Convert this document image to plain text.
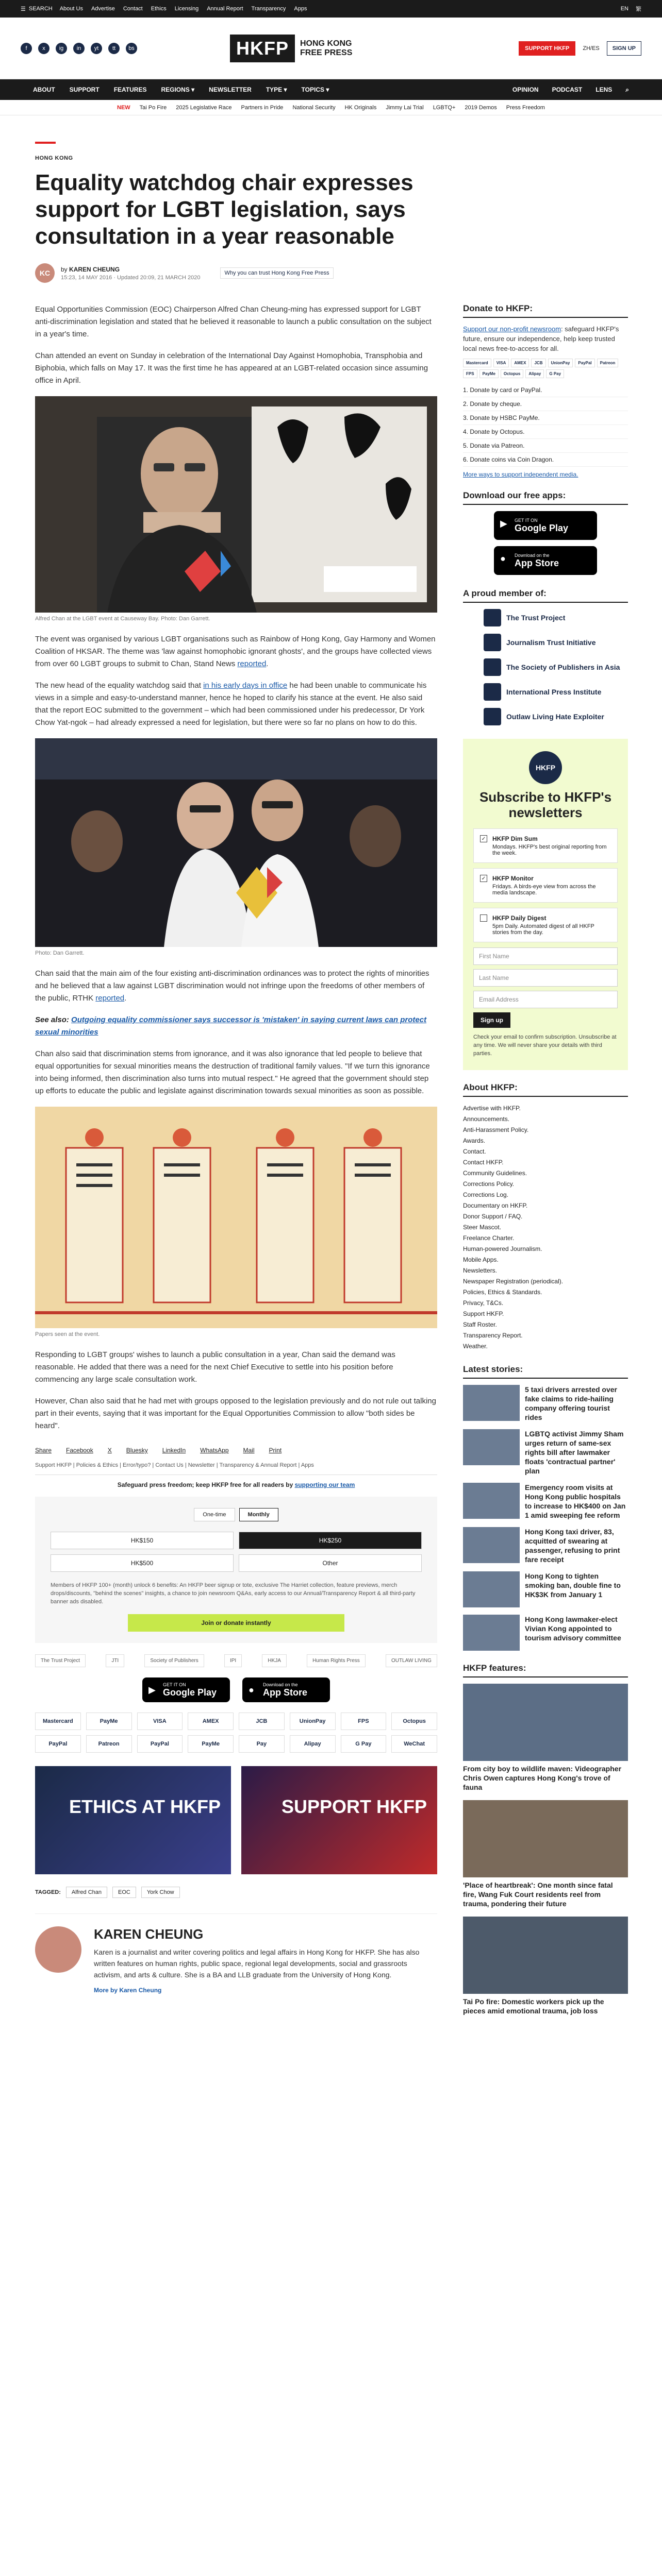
☰ SEARCH About Us Advertise Contact Ethics Licensing Annual Report Transparency Apps	EN 繁
f	x	ig	in	yt	tt	bs	HKFP	HONG KONG
FREE PRESS	SUPPORT HKFP	ZH/ES	SIGN UP
ABOUT SUPPORT FEATURES REGIONS ▾ NEWSLETTER TYPE ▾ TOPICS ▾	OPINION PODCAST LENS ⌕
NEW Tai Po Fire 2025 Legislative Race Partners in Pride National Security HK Originals Jimmy Lai Trial LGBTQ+ 2019 Demos Press Freedom
HONG KONG
Equality watchdog chair expresses support for LGBT legislation, says consultation in a year reasonable
KC	by KAREN CHEUNG
15:23, 14 MAY 2016 · Updated 20:09, 21 MARCH 2020
Why you can trust Hong Kong Free Press

Equal Opportunities Commission (EOC) Chairperson Alfred Chan Cheung-ming has expressed support for LGBT anti-discrimination legislation and stated that he believed it reasonable to launch a public consultation on the subject in a year's time.

Chan attended an event on Sunday in celebration of the International Day Against Homophobia, Transphobia and Biphobia, which falls on May 17. It was the first time he has appeared at an LGBT-related occasion since assuming office in April.

Alfred Chan at the LGBT event at Causeway Bay. Photo: Dan Garrett.

The event was organised by various LGBT organisations such as Rainbow of Hong Kong, Gay Harmony and Women Coalition of HKSAR. The theme was 'law against homophobic ignorant ghosts', and the groups have collected views from over 60 LGBT groups to submit to Chan, Stand News reported.

The new head of the equality watchdog said that in his early days in office he had been unable to communicate his views in a simple and easy-to-understand manner, hence he hoped to clarify his stance at the event. He also said that the report EOC submitted to the government – which had been commissioned under his predecessor, Dr York Chow Yat-ngok – had already expressed a need for legislation, but there were so far no plans on how to do this.

Photo: Dan Garrett.

Chan said that the main aim of the four existing anti-discrimination ordinances was to protect the rights of minorities and he believed that a law against LGBT discrimination would not infringe upon the freedoms of other members of the public, RTHK reported.

See also: Outgoing equality commissioner says successor is 'mistaken' in saying current laws can protect sexual minorities

Chan also said that discrimination stems from ignorance, and it was also ignorance that led people to believe that equal opportunities for sexual minorities means the destruction of traditional family values. "If we turn this ignorance into being informed, then discrimination also turns into mutual respect." He agreed that the government should step up efforts to educate the public and legislate against discrimination towards sexual minorities as soon as possible.

Papers seen at the event.

Responding to LGBT groups' wishes to launch a public consultation in a year, Chan said the demand was reasonable. He added that there was a need for the next Chief Executive to settle into his position before commencing any large scale consultation work.

However, Chan also said that he had met with groups opposed to the legislation previously and do not rule out talking part in their events, saying that it was important for the Equal Opportunities Commission to allow "both sides be heard".

Share Facebook X Bluesky LinkedIn WhatsApp Mail Print
Support HKFP | Policies & Ethics | Error/typo? | Contact Us | Newsletter | Transparency & Annual Report | Apps
Safeguard press freedom; keep HKFP free for all readers by supporting our team
One-time	Monthly
HK$150	HK$250
HK$500	Other
Members of HKFP 100+ (month) unlock 6 benefits: An HKFP beer signup or tote, exclusive The Harriet collection, feature previews, merch drops/discounts, "behind the scenes" insights, a chance to join newsroom Q&As, early access to our Annual/Transparency Report & all third-party banner ads disabled.
Join or donate instantly
The Trust Project	JTI	Society of Publishers	IPI	HKJA	Human Rights Press	OUTLAW LIVING
▶
GET IT ON
Google Play	●
Download on the
App Store
Mastercard	PayMe	VISA	AMEX	JCB	UnionPay	FPS	Octopus
PayPal	Patreon	PayPal	PayMe	Pay	Alipay	G Pay	WeChat
ETHICS AT HKFP	SUPPORT HKFP
TAGGED:	Alfred Chan	EOC	York Chow
KAREN CHEUNG
Karen is a journalist and writer covering politics and legal affairs in Hong Kong for HKFP. She has also written features on human rights, public space, regional legal developments, social and grassroots activism, and arts & culture. She is a BA and LLB graduate from the University of Hong Kong.
More by Karen Cheung
Donate to HKFP:
Support our non-profit newsroom: safeguard HKFP's future, ensure our independence, help keep trusted local news free-to-access for all.
Mastercard	VISA	AMEX	JCB	UnionPay	PayPal	Patreon
FPS	PayMe	Octopus	Alipay	G Pay
1. Donate by card or PayPal.
2. Donate by cheque.
3. Donate by HSBC PayMe.
4. Donate by Octopus.
5. Donate via Patreon.
6. Donate coins via Coin Dragon.
More ways to support independent media.
Download our free apps:
▶ GET IT ON
Google Play
● Download on the
App Store
A proud member of:
The Trust Project
Journalism Trust Initiative
The Society of Publishers in Asia
International Press Institute
Outlaw Living Hate Exploiter
HKFP
Subscribe to HKFP's newsletters
✓ HKFP Dim Sum
Mondays. HKFP's best original reporting from the week.
✓ HKFP Monitor
Fridays. A birds-eye view from across the media landscape.
HKFP Daily Digest
5pm Daily. Automated digest of all HKFP stories from the day.
First Name
Last Name
Email Address
Sign up
Check your email to confirm subscription. Unsubscribe at any time. We will never share your details with third parties.
About HKFP:
Advertise with HKFP.
Announcements.
Anti-Harassment Policy.
Awards.
Contact.
Contact HKFP.
Community Guidelines.
Corrections Policy.
Corrections Log.
Documentary on HKFP.
Donor Support / FAQ.
Steer Mascot.
Freelance Charter.
Human-powered Journalism.
Mobile Apps.
Newsletters.
Newspaper Registration (periodical).
Policies, Ethics & Standards.
Privacy, T&Cs.
Support HKFP.
Staff Roster.
Transparency Report.
Weather.
Latest stories:
5 taxi drivers arrested over fake claims to ride-hailing company offering tourist rides
LGBTQ activist Jimmy Sham urges return of same-sex rights bill after lawmaker floats 'contractual partner' plan
Emergency room visits at Hong Kong public hospitals to increase to HK$400 on Jan 1 amid sweeping fee reform
Hong Kong taxi driver, 83, acquitted of swearing at passenger, refusing to print fare receipt
Hong Kong to tighten smoking ban, double fine to HK$3K from January 1
Hong Kong lawmaker-elect Vivian Kong appointed to tourism advisory committee
HKFP features:
From city boy to wildlife maven: Videographer Chris Owen captures Hong Kong's trove of fauna
'Place of heartbreak': One month since fatal fire, Wang Fuk Court residents reel from trauma, pondering their future
Tai Po fire: Domestic workers pick up the pieces amid emotional trauma, job loss
